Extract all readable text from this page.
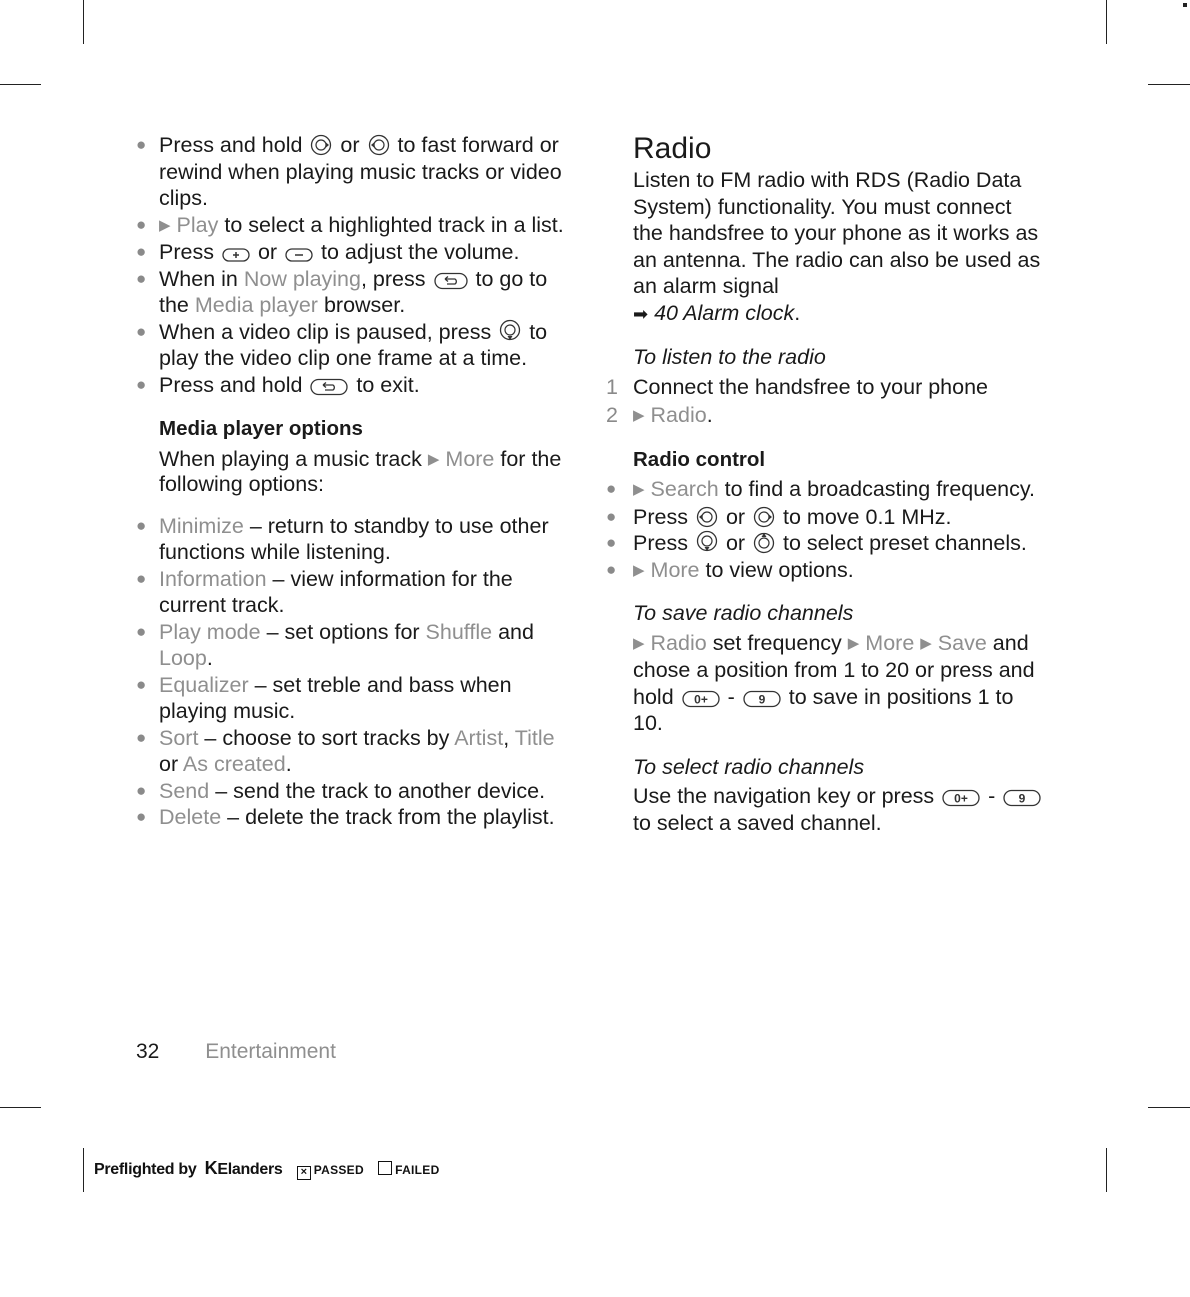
● Press and hold or to fast forward or rewind when playing music tracks or video clips.
● ▶ Play to select a highlighted track in a list.
● Press or to adjust the volume.
● When in Now playing, press to go to the Media player browser.
● When a video clip is paused, press to play the video clip one frame at a time.
● Press and hold	to exit.

Media player options

When playing a music track ▶ More for the following options:

● Minimize – return to standby to use other functions while listening.
● Information – view information for the current track.
● Play mode – set options for Shuffle and Loop.
● Equalizer – set treble and bass when playing music.
● Sort – choose to sort tracks by Artist, Title or As created.
● Send – send the track to another device.
● Delete – delete the track from the playlist.

Radio

Listen to FM radio with RDS (Radio Data System) functionality. You must connect the handsfree to your phone as it works as an antenna. The radio can also be used as an alarm signal
➡ 40 Alarm clock.

To listen to the radio

1 Connect the handsfree to your phone
2 ▶ Radio.

Radio control

● ▶ Search to find a broadcasting frequency.
● Press or to move 0.1 MHz.
● Press or to select preset channels.
● ▶ More to view options.

To save radio channels

▶ Radio set frequency ▶ More ▶ Save and chose a position from 1 to 20 or press and hold 0+ - 9 to save in positions 1 to 10.

To select radio channels

Use the navigation key or press 0+ - 9
to select a saved channel.

32 Entertainment
Preflighted by KElanders × PASSED	FAILED
